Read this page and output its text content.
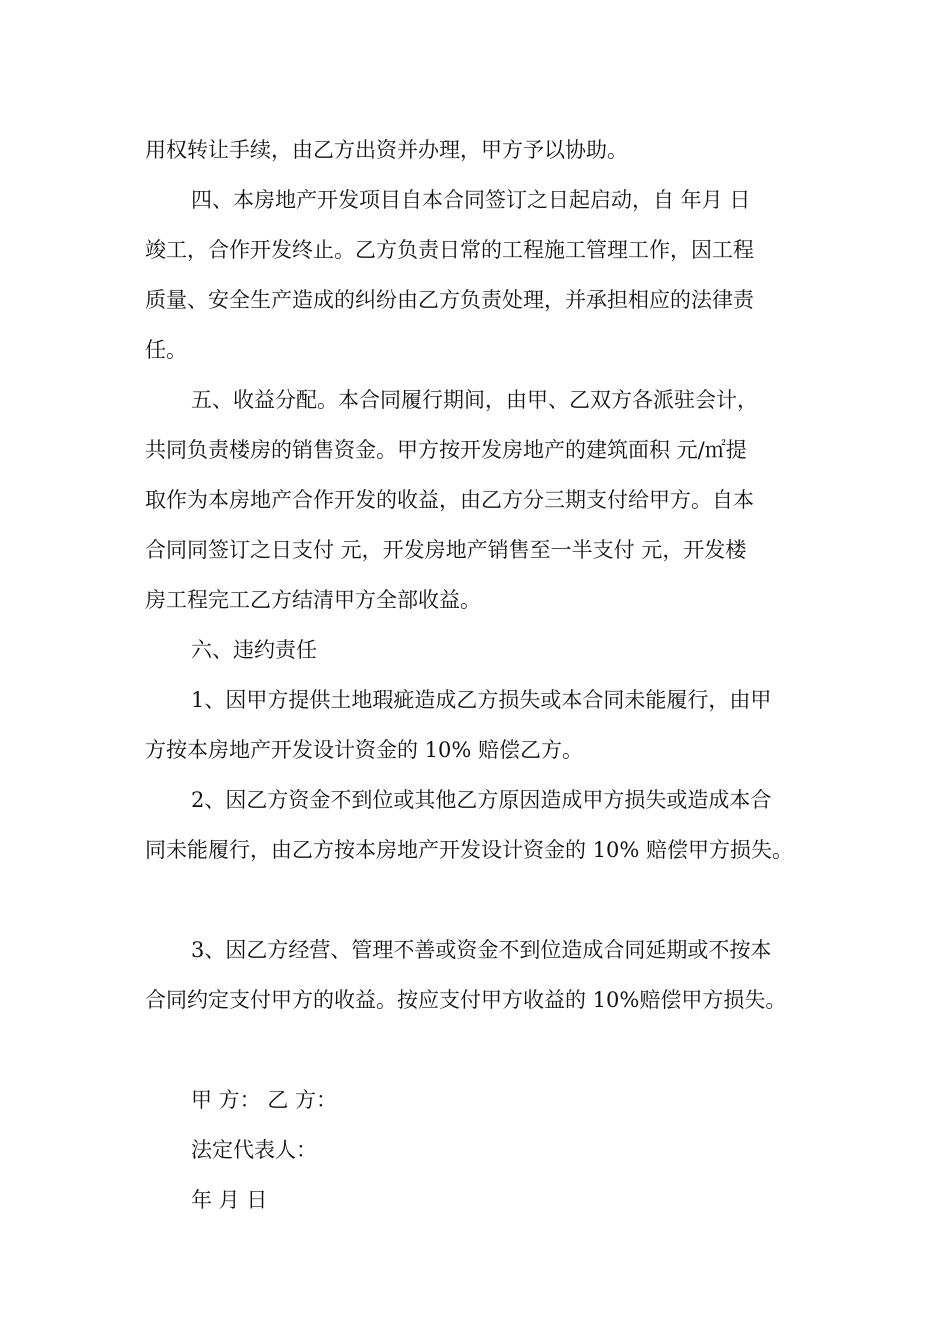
用权转让手续，由乙方出资并办理，甲方予以协助。
四、本房地产开发项目自本合同签订之日起启动，自 年月 日
竣工，合作开发终止。乙方负责日常的工程施工管理工作，因工程
质量、安全生产造成的纠纷由乙方负责处理，并承担相应的法律责
任。
五、收益分配。本合同履行期间，由甲、乙双方各派驻会计，
共同负责楼房的销售资金。甲方按开发房地产的建筑面积 元/㎡提
取作为本房地产合作开发的收益，由乙方分三期支付给甲方。自本
合同同签订之日支付 元，开发房地产销售至一半支付 元，开发楼
房工程完工乙方结清甲方全部收益。
六、违约责任
1、因甲方提供土地瑕疵造成乙方损失或本合同未能履行，由甲
方按本房地产开发设计资金的 10% 赔偿乙方。
2、因乙方资金不到位或其他乙方原因造成甲方损失或造成本合
同未能履行，由乙方按本房地产开发设计资金的 10% 赔偿甲方损失。
3、因乙方经营、管理不善或资金不到位造成合同延期或不按本
合同约定支付甲方的收益。按应支付甲方收益的 10%赔偿甲方损失。
甲 方： 乙 方：
法定代表人：
年 月 日
